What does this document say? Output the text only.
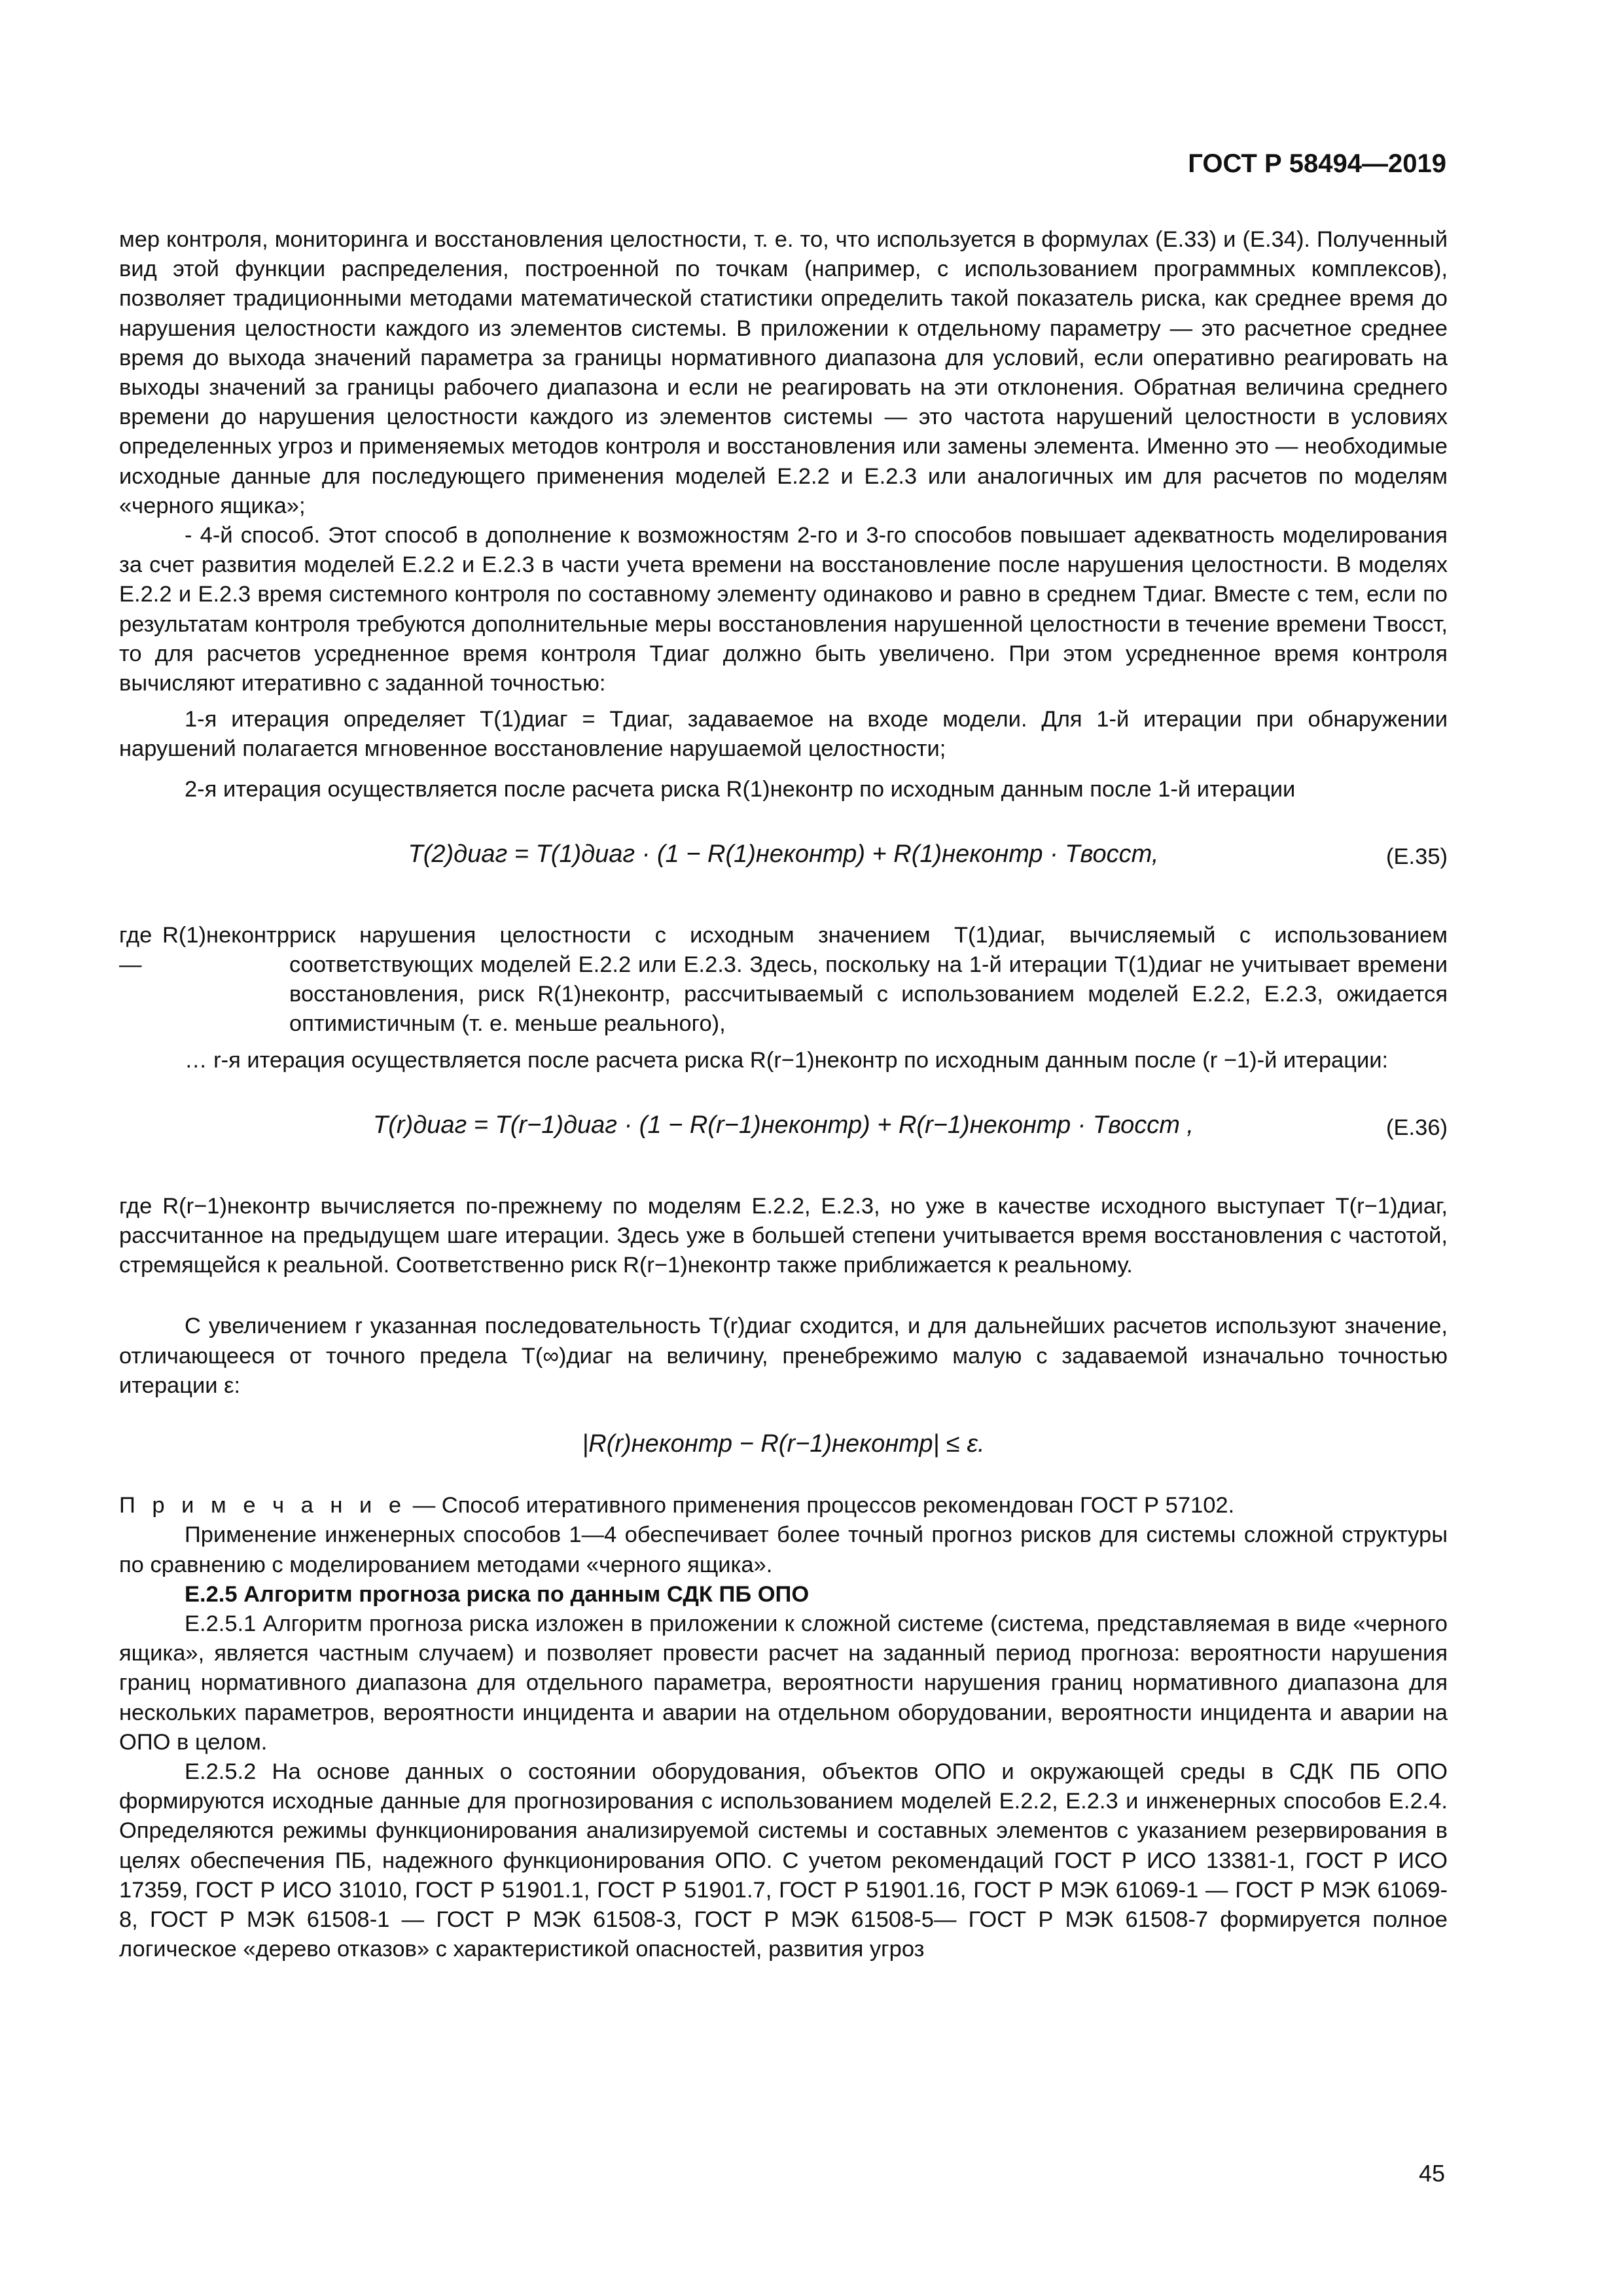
ГОСТ Р 58494—2019

мер контроля, мониторинга и восстановления целостности, т. е. то, что используется в формулах (Е.33) и (Е.34). Полученный вид этой функции распределения, построенной по точкам (например, с использованием программных комплексов), позволяет традиционными методами математической статистики определить такой показатель риска, как среднее время до нарушения целостности каждого из элементов системы. В приложении к отдельному параметру — это расчетное среднее время до выхода значений параметра за границы нормативного диапазона для условий, если оперативно реагировать на выходы значений за границы рабочего диапазона и если не реагировать на эти отклонения. Обратная величина среднего времени до нарушения целостности каждого из элементов системы — это частота нарушений целостности в условиях определенных угроз и применяемых методов контроля и восстановления или замены элемента. Именно это — необходимые исходные данные для последующего применения моделей Е.2.2 и Е.2.3 или аналогичных им для расчетов по моделям «черного ящика»;

- 4-й способ. Этот способ в дополнение к возможностям 2-го и 3-го способов повышает адекватность моделирования за счет развития моделей Е.2.2 и Е.2.3 в части учета времени на восстановление после нарушения целостности. В моделях Е.2.2 и Е.2.3 время системного контроля по составному элементу одинаково и равно в среднем Tдиаг. Вместе с тем, если по результатам контроля требуются дополнительные меры восстановления нарушенной целостности в течение времени Tвосст, то для расчетов усредненное время контроля Tдиаг должно быть увеличено. При этом усредненное время контроля вычисляют итеративно с заданной точностью:

1-я итерация определяет T(1)диаг = Tдиаг, задаваемое на входе модели. Для 1-й итерации при обнаружении нарушений полагается мгновенное восстановление нарушаемой целостности;

2-я итерация осуществляется после расчета риска R(1)неконтр по исходным данным после 1-й итерации

T(2)диаг = T(1)диаг · (1 − R(1)неконтр) + R(1)неконтр · Tвосст,	(Е.35)
где R(1)неконтр —
риск нарушения целостности с исходным значением T(1)диаг, вычисляемый с использованием соответствующих моделей Е.2.2 или Е.2.3. Здесь, поскольку на 1-й итерации T(1)диаг не учитывает времени восстановления, риск R(1)неконтр, рассчитываемый с использованием моделей Е.2.2, Е.2.3, ожидается оптимистичным (т. е. меньше реального),

… r-я итерация осуществляется после расчета риска R(r−1)неконтр по исходным данным после (r −1)-й итерации:

T(r)диаг = T(r−1)диаг · (1 − R(r−1)неконтр) + R(r−1)неконтр · Tвосст ,	(Е.36)

где R(r−1)неконтр вычисляется по-прежнему по моделям Е.2.2, Е.2.3, но уже в качестве исходного выступает T(r−1)диаг, рассчитанное на предыдущем шаге итерации. Здесь уже в большей степени учитывается время восстановления с частотой, стремящейся к реальной. Соответственно риск R(r−1)неконтр также приближается к реальному.

С увеличением r указанная последовательность T(r)диаг сходится, и для дальнейших расчетов используют значение, отличающееся от точного предела T(∞)диаг на величину, пренебрежимо малую с задаваемой изначально точностью итерации ε:

|R(r)неконтр − R(r−1)неконтр| ≤ ε.

П р и м е ч а н и е — Способ итеративного применения процессов рекомендован ГОСТ Р 57102.

Применение инженерных способов 1—4 обеспечивает более точный прогноз рисков для системы сложной структуры по сравнению с моделированием методами «черного ящика».

Е.2.5 Алгоритм прогноза риска по данным СДК ПБ ОПО

Е.2.5.1 Алгоритм прогноза риска изложен в приложении к сложной системе (система, представляемая в виде «черного ящика», является частным случаем) и позволяет провести расчет на заданный период прогноза: вероятности нарушения границ нормативного диапазона для отдельного параметра, вероятности нарушения границ нормативного диапазона для нескольких параметров, вероятности инцидента и аварии на отдельном оборудовании, вероятности инцидента и аварии на ОПО в целом.

Е.2.5.2 На основе данных о состоянии оборудования, объектов ОПО и окружающей среды в СДК ПБ ОПО формируются исходные данные для прогнозирования с использованием моделей Е.2.2, Е.2.3 и инженерных способов Е.2.4. Определяются режимы функционирования анализируемой системы и составных элементов с указанием резервирования в целях обеспечения ПБ, надежного функционирования ОПО. С учетом рекомендаций ГОСТ Р ИСО 13381-1, ГОСТ Р ИСО 17359, ГОСТ Р ИСО 31010, ГОСТ Р 51901.1, ГОСТ Р 51901.7, ГОСТ Р 51901.16, ГОСТ Р МЭК 61069-1 — ГОСТ Р МЭК 61069-8, ГОСТ Р МЭК 61508-1 — ГОСТ Р МЭК 61508-3, ГОСТ Р МЭК 61508-5— ГОСТ Р МЭК 61508-7 формируется полное логическое «дерево отказов» с характеристикой опасностей, развития угроз

45
